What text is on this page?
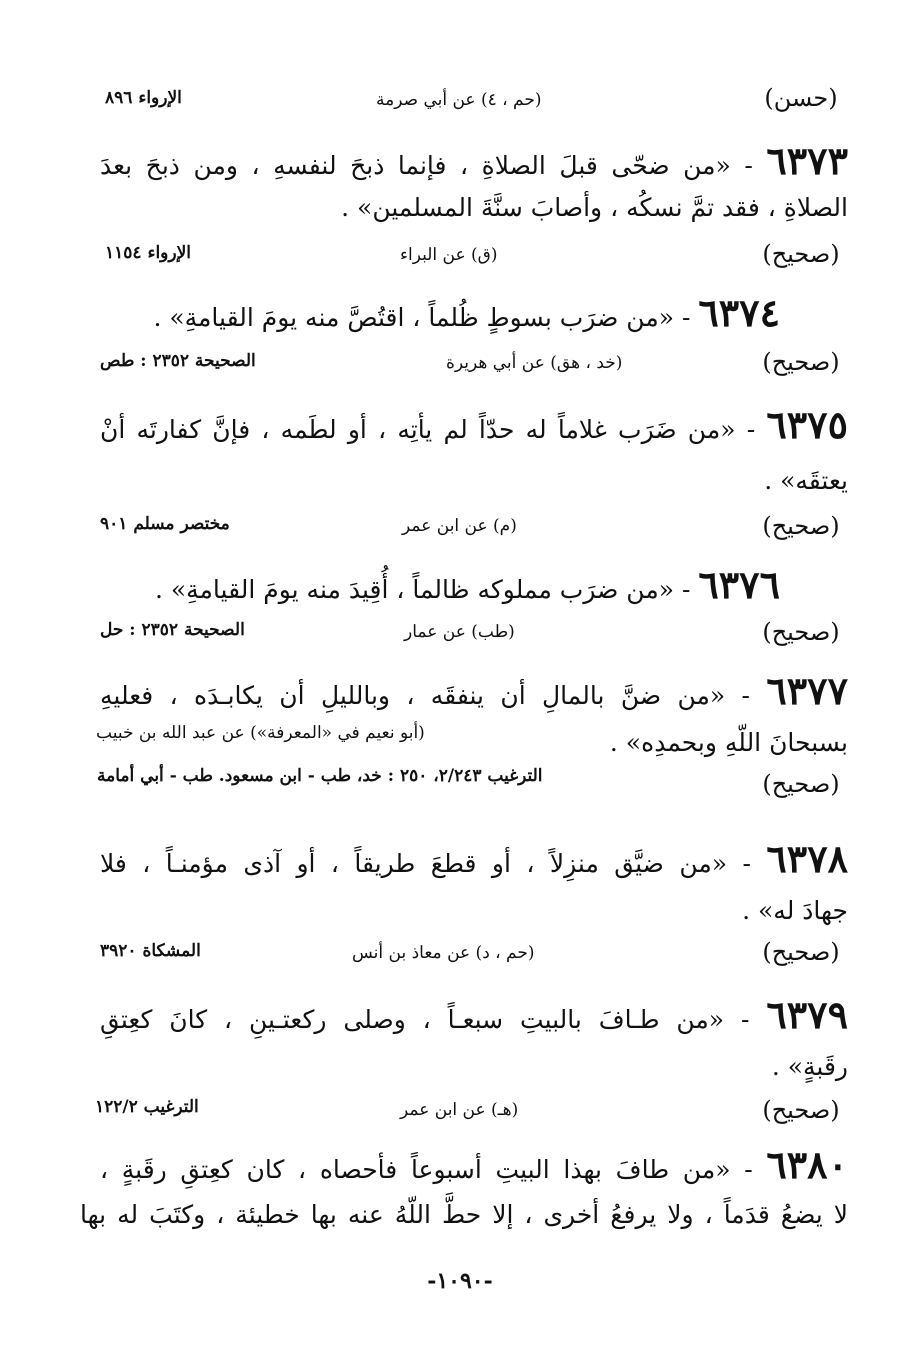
(حسن)
(حم ، ٤) عن أبي صرمة
الإرواء ٨٩٦
٦٣٧٣ - «من ضحّى قبلَ الصلاةِ ، فإنما ذبحَ لنفسهِ ، ومن ذبحَ بعدَ
الصلاةِ ، فقد تمَّ نسكُه ، وأصابَ سنَّةَ المسلمين» .
(صحيح)
(ق) عن البراء
الإرواء ١١٥٤
٦٣٧٤ - «من ضرَب بسوطٍ ظُلماً ، اقتُصَّ منه يومَ القيامةِ» .
(صحيح)
(خد ، هق) عن أبي هريرة
الصحيحة ٢٣٥٢ : طص
٦٣٧٥ - «من ضَرَب غلاماً له حدّاً لم يأتِه ، أو لطَمه ، فإنَّ كفارتَه أنْ
يعتقَه» .
(صحيح)
(م) عن ابن عمر
مختصر مسلم ٩٠١
٦٣٧٦ - «من ضرَب مملوكه ظالماً ، أُقِيدَ منه يومَ القيامةِ» .
(صحيح)
(طب) عن عمار
الصحيحة ٢٣٥٢ : حل
٦٣٧٧ - «من ضنَّ بالمالِ أن ينفقَه ، وبالليلِ أن يكابـدَه ، فعليهِ
بسبحانَ اللّهِ وبحمدِه» .
(أبو نعيم في «المعرفة») عن عبد الله بن خبيب
(صحيح)
الترغيب ٢/٢٤٣، ٢٥٠ : خد، طب - ابن مسعود. طب - أبي أمامة
٦٣٧٨ - «من ضيَّق منزِلاً ، أو قطعَ طريقاً ، أو آذى مؤمنـاً ، فلا
جهادَ له» .
(صحيح)
(حم ، د) عن معاذ بن أنس
المشكاة ٣٩٢٠
٦٣٧٩ - «من طـافَ بالبيتِ سبعـاً ، وصلى ركعتـينِ ، كانَ كعِتقِ
رقَبةٍ» .
(صحيح)
(هـ) عن ابن عمر
الترغيب ١٢٢/٢
٦٣٨٠ - «من طافَ بهذا البيتِ أسبوعاً فأحصاه ، كان كعِتقِ رقَبةٍ ،
لا يضعُ قدَماً ، ولا يرفعُ أخرى ، إلا حطَّ اللّهُ عنه بها خطيئة ، وكتَبَ له بها
-١٠٩٠-
